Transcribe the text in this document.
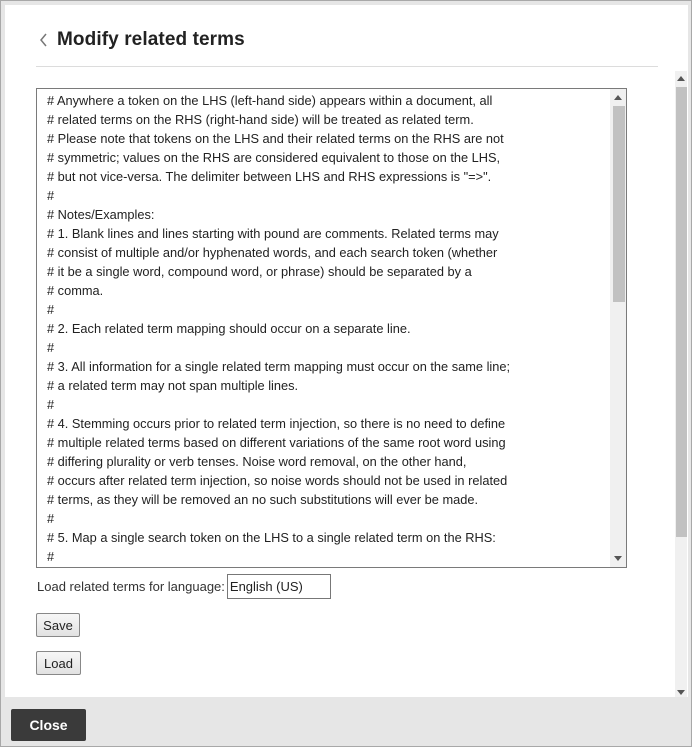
Modify related terms
# Anywhere a token on the LHS (left-hand side) appears within a document, all
# related terms on the RHS (right-hand side) will be treated as related term.
# Please note that tokens on the LHS and their related terms on the RHS are not
# symmetric; values on the RHS are considered equivalent to those on the LHS,
# but not vice-versa. The delimiter between LHS and RHS expressions is "=>".
#
# Notes/Examples:
# 1. Blank lines and lines starting with pound are comments. Related terms may
# consist of multiple and/or hyphenated words, and each search token (whether
# it be a single word, compound word, or phrase) should be separated by a
# comma.
#
# 2. Each related term mapping should occur on a separate line.
#
# 3. All information for a single related term mapping must occur on the same line;
# a related term may not span multiple lines.
#
# 4. Stemming occurs prior to related term injection, so there is no need to define
# multiple related terms based on different variations of the same root word using
# differing plurality or verb tenses. Noise word removal, on the other hand,
# occurs after related term injection, so noise words should not be used in related
# terms, as they will be removed an no such substitutions will ever be made.
#
# 5. Map a single search token on the LHS to a single related term on the RHS:
#
Load related terms for language:
English (US)
Save
Load
Close
